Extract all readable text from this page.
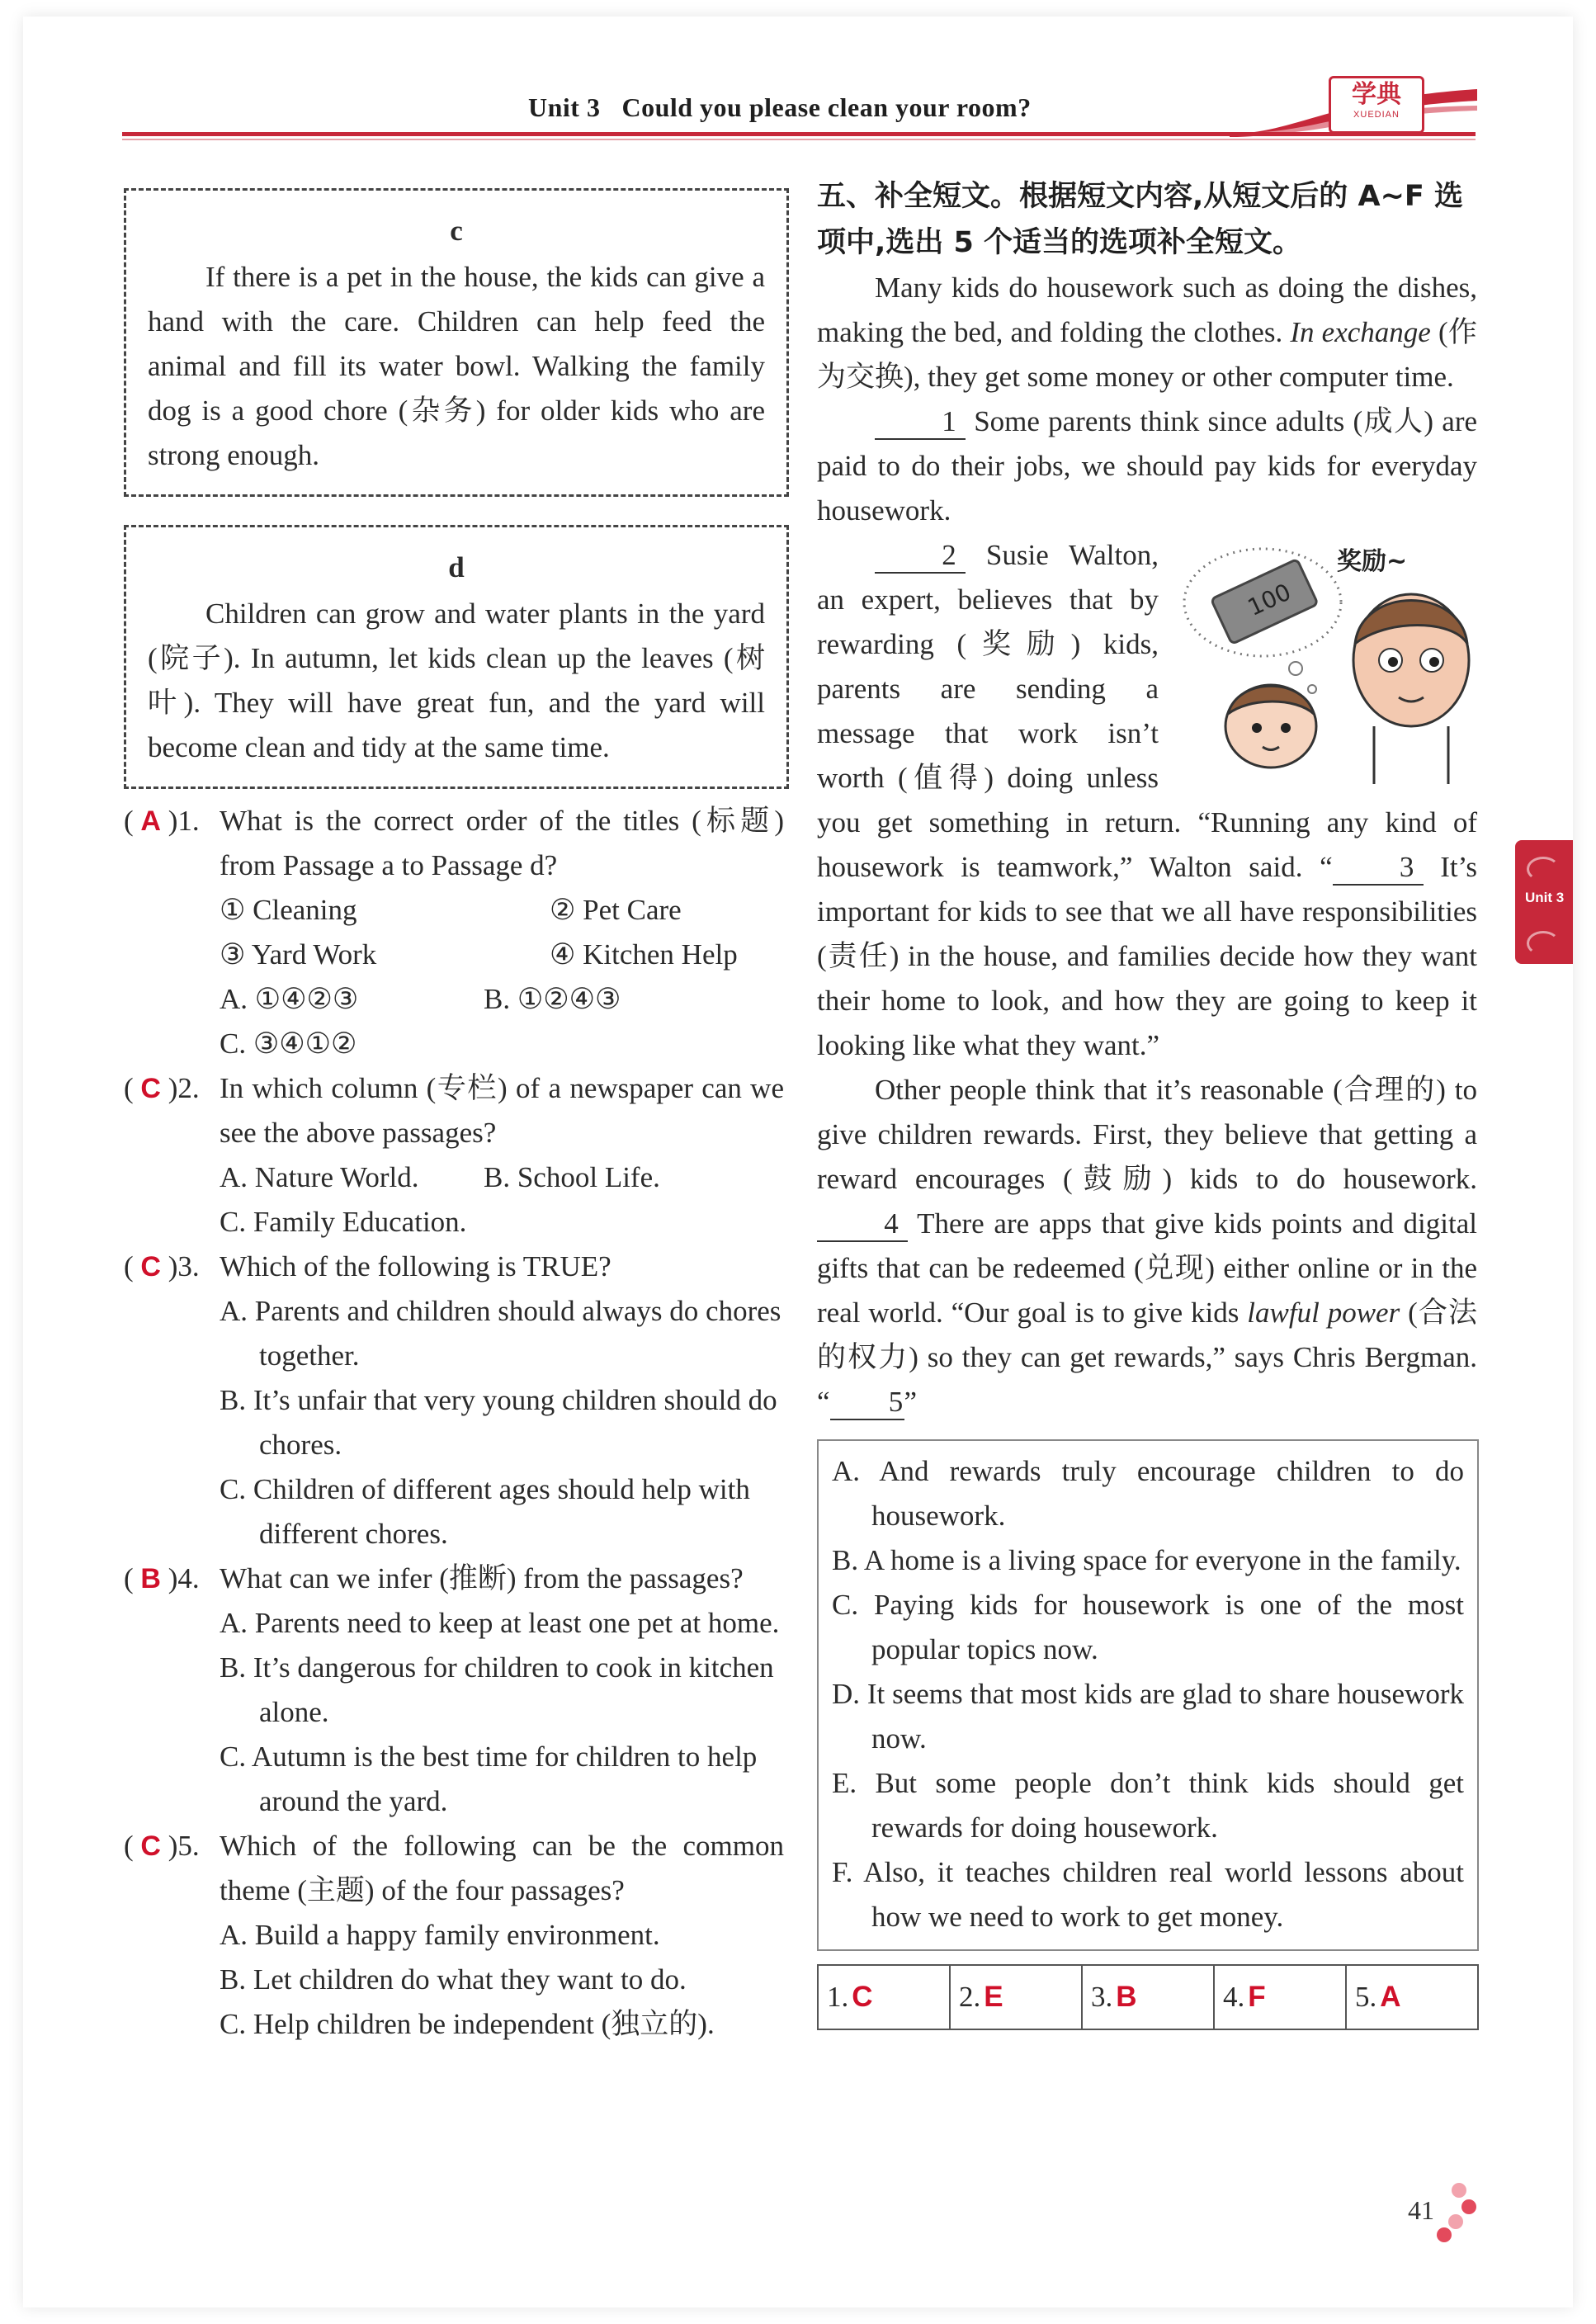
学典
XUEDIAN
Unit 3 Could you please clean your room?
Unit 3
c
If there is a pet in the house, the kids can give a hand with the care. Children can help feed the animal and fill its water bowl. Walking the family dog is a good chore (杂务) for older kids who are strong enough.
d
Children can grow and water plants in the yard (院子). In autumn, let kids clean up the leaves (树叶). They will have great fun, and the yard will become clean and tidy at the same time.
( A )1. What is the correct order of the titles (标题) from Passage a to Passage d?
① Cleaning	② Pet Care
③ Yard Work	④ Kitchen Help
A. ①④②③	B. ①②④③
C. ③④①②
( C )2. In which column (专栏) of a newspaper can we see the above passages?
A. Nature World.	B. School Life.
C. Family Education.
( C )3. Which of the following is TRUE?
A. Parents and children should always do chores together.
B. It’s unfair that very young children should do chores.
C. Children of different ages should help with different chores.
( B )4. What can we infer (推断) from the passages?
A. Parents need to keep at least one pet at home.
B. It’s dangerous for children to cook in kitchen alone.
C. Autumn is the best time for children to help around the yard.
( C )5. Which of the following can be the common theme (主题) of the four passages?
A. Build a happy family environment.
B. Let children do what they want to do.
C. Help children be independent (独立的).
五、补全短文。根据短文内容,从短文后的 A~F 选项中,选出 5 个适当的选项补全短文。
Many kids do housework such as doing the dishes, making the bed, and folding the clothes. In exchange (作为交换), they get some money or other computer time.
1 Some parents think since adults (成人) are paid to do their jobs, we should pay kids for everyday housework.
100
奖励~
2 Susie Walton, an expert, believes that by rewarding (奖励) kids, parents are sending a message that work isn’t worth (值得) doing unless you get something in return. “Running any kind of housework is teamwork,” Walton said. “ 3 It’s important for kids to see that we all have responsibilities (责任) in the house, and families decide how they want their home to look, and how they are going to keep it looking like what they want.”
Other people think that it’s reasonable (合理的) to give children rewards. First, they believe that getting a reward encourages (鼓励) kids to do housework. 4 There are apps that give kids points and digital gifts that can be redeemed (兑现) either online or in the real world. “Our goal is to give kids lawful power (合法的权力) so they can get rewards,” says Chris Bergman. “ 5”
A. And rewards truly encourage children to do housework.
B. A home is a living space for everyone in the family.
C. Paying kids for housework is one of the most popular topics now.
D. It seems that most kids are glad to share housework now.
E. But some people don’t think kids should get rewards for doing housework.
F. Also, it teaches children real world lessons about how we need to work to get money.
1. C	2. E	3. B	4. F	5. A
41
